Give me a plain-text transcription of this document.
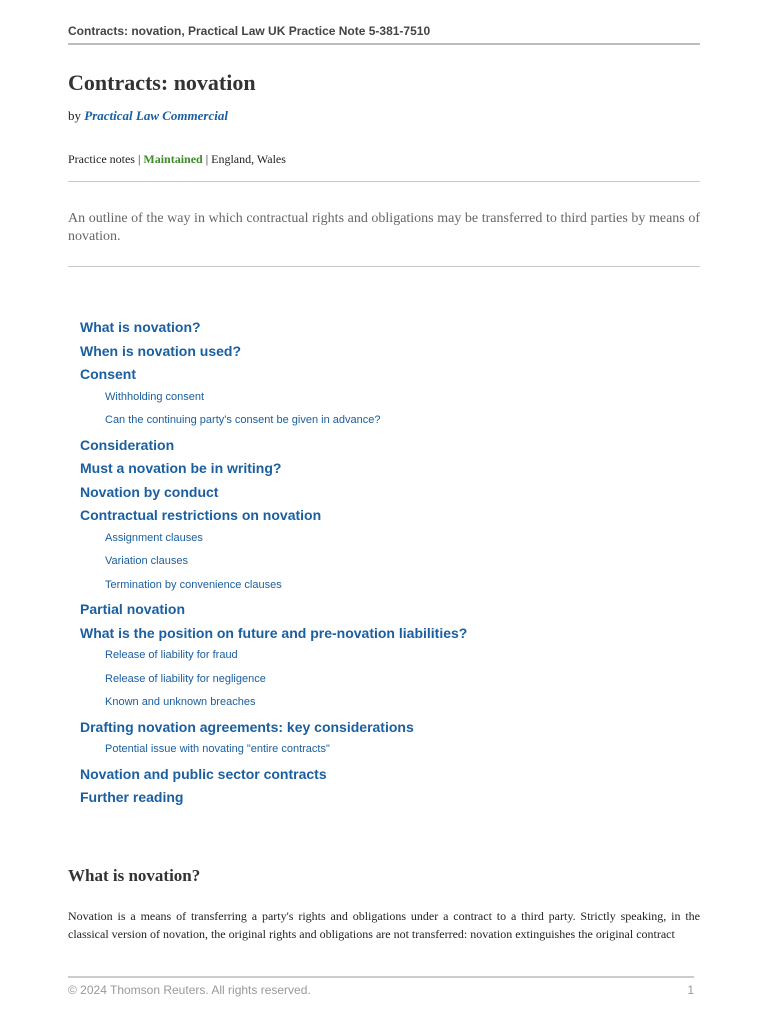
Contracts: novation, Practical Law UK Practice Note 5-381-7510
Contracts: novation
by Practical Law Commercial
Practice notes | Maintained | England, Wales
An outline of the way in which contractual rights and obligations may be transferred to third parties by means of novation.
What is novation?
When is novation used?
Consent
Withholding consent
Can the continuing party's consent be given in advance?
Consideration
Must a novation be in writing?
Novation by conduct
Contractual restrictions on novation
Assignment clauses
Variation clauses
Termination by convenience clauses
Partial novation
What is the position on future and pre-novation liabilities?
Release of liability for fraud
Release of liability for negligence
Known and unknown breaches
Drafting novation agreements: key considerations
Potential issue with novating "entire contracts"
Novation and public sector contracts
Further reading
What is novation?

Novation is a means of transferring a party's rights and obligations under a contract to a third party. Strictly speaking, in the classical version of novation, the original rights and obligations are not transferred: novation extinguishes the original contract

© 2024 Thomson Reuters. All rights reserved.	1
